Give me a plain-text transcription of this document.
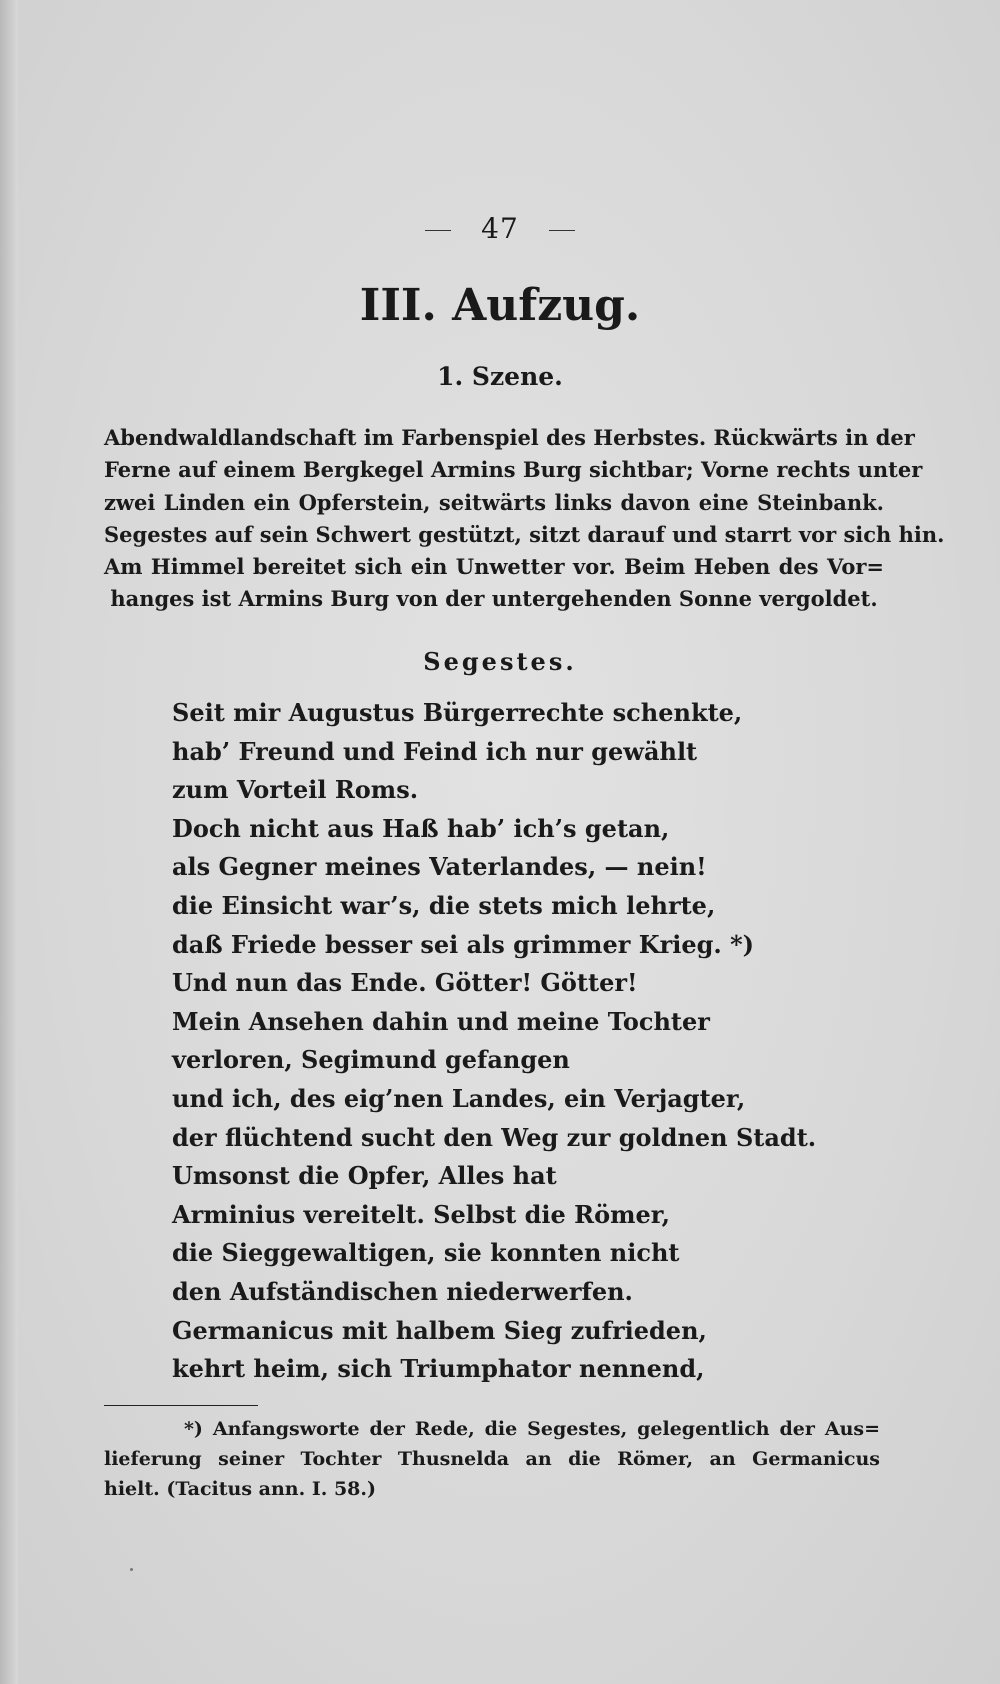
47
III. Aufzug.
1. Szene.
Abendwaldlandschaft im Farbenspiel des Herbstes. Rückwärts in der
Ferne auf einem Bergkegel Armins Burg sichtbar; Vorne rechts unter
zwei Linden ein Opferstein, seitwärts links davon eine Steinbank.
Segestes auf sein Schwert gestützt, sitzt darauf und starrt vor sich hin.
Am Himmel bereitet sich ein Unwetter vor. Beim Heben des Vor=
hanges ist Armins Burg von der untergehenden Sonne vergoldet.
Segestes.
Seit mir Augustus Bürgerrechte schenkte,
hab’ Freund und Feind ich nur gewählt
zum Vorteil Roms.
Doch nicht aus Haß hab’ ich’s getan,
als Gegner meines Vaterlandes, — nein!
die Einsicht war’s, die stets mich lehrte,
daß Friede besser sei als grimmer Krieg. *)
Und nun das Ende. Götter! Götter!
Mein Ansehen dahin und meine Tochter
verloren, Segimund gefangen
und ich, des eig’nen Landes, ein Verjagter,
der flüchtend sucht den Weg zur goldnen Stadt.
Umsonst die Opfer, Alles hat
Arminius vereitelt. Selbst die Römer,
die Sieggewaltigen, sie konnten nicht
den Aufständischen niederwerfen.
Germanicus mit halbem Sieg zufrieden,
kehrt heim, sich Triumphator nennend,
*) Anfangsworte der Rede, die Segestes, gelegentlich der Aus=
lieferung seiner Tochter Thusnelda an die Römer, an Germanicus
hielt. (Tacitus ann. I. 58.)
